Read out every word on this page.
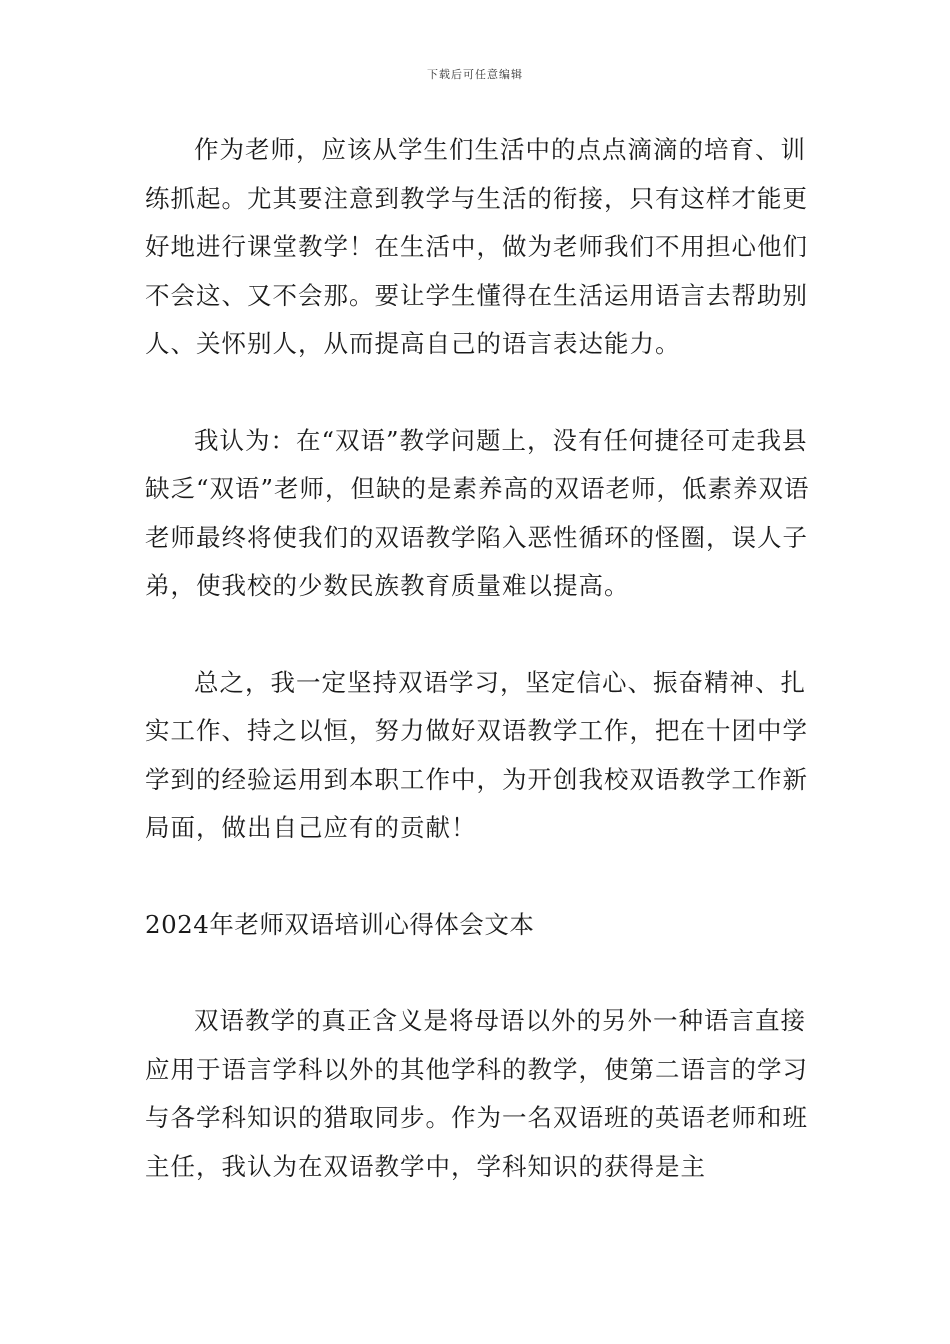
下载后可任意编辑

作为老师，应该从学生们生活中的点点滴滴的培育、训练抓起。尤其要注意到教学与生活的衔接，只有这样才能更好地进行课堂教学！在生活中，做为老师我们不用担心他们不会这、又不会那。要让学生懂得在生活运用语言去帮助别人、关怀别人，从而提高自己的语言表达能力。

我认为：在“双语”教学问题上，没有任何捷径可走我县缺乏“双语”老师，但缺的是素养高的双语老师，低素养双语老师最终将使我们的双语教学陷入恶性循环的怪圈，误人子弟，使我校的少数民族教育质量难以提高。

总之，我一定坚持双语学习，坚定信心、振奋精神、扎实工作、持之以恒，努力做好双语教学工作，把在十团中学学到的经验运用到本职工作中，为开创我校双语教学工作新局面，做出自己应有的贡献！

2024年老师双语培训心得体会文本

双语教学的真正含义是将母语以外的另外一种语言直接应用于语言学科以外的其他学科的教学，使第二语言的学习与各学科知识的猎取同步。作为一名双语班的英语老师和班主任，我认为在双语教学中，学科知识的获得是主
